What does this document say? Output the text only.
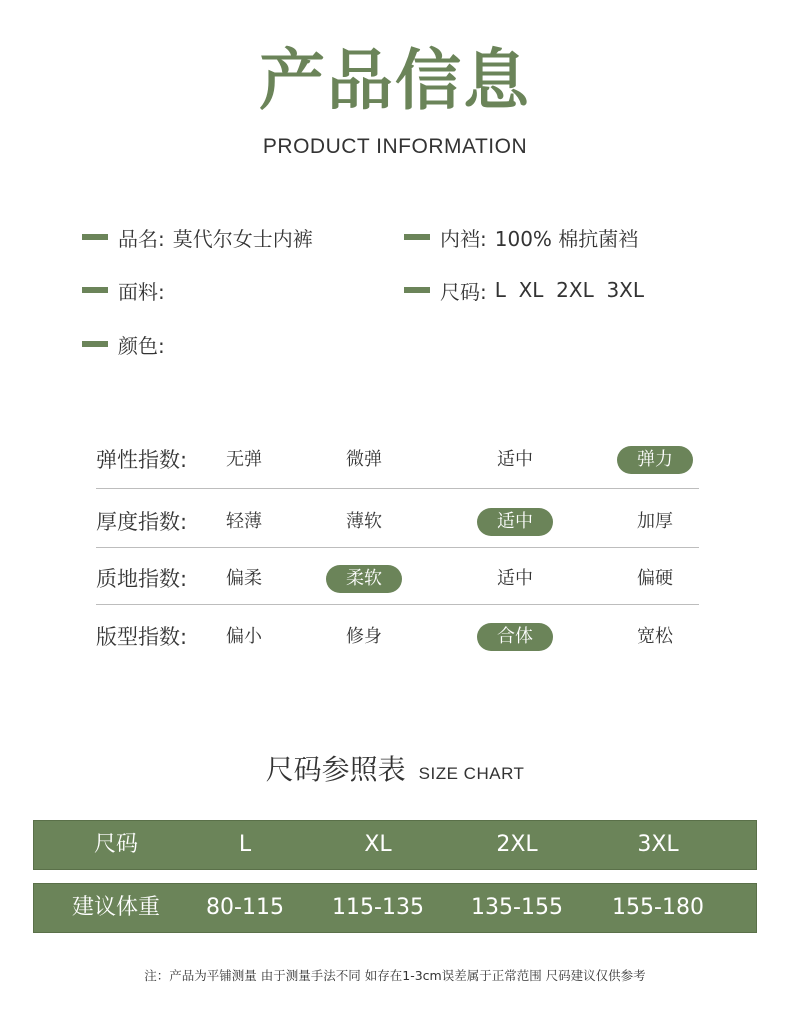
产品信息
PRODUCT INFORMATION
品名: 莫代尔女士内裤	内裆: 100% 棉抗菌裆
面料:	尺码: L  XL  2XL  3XL
颜色:
弹性指数: 无弹	微弹	适中	弹力
厚度指数: 轻薄	薄软	适中	加厚
质地指数: 偏柔	柔软	适中	偏硬
版型指数: 偏小	修身	合体	宽松
尺码参照表 SIZE CHART
尺码	L	XL	2XL	3XL
建议体重 80-115 115-135 135-155 155-180
注：产品为平铺测量 由于测量手法不同 如存在1-3cm误差属于正常范围 尺码建议仅供参考
